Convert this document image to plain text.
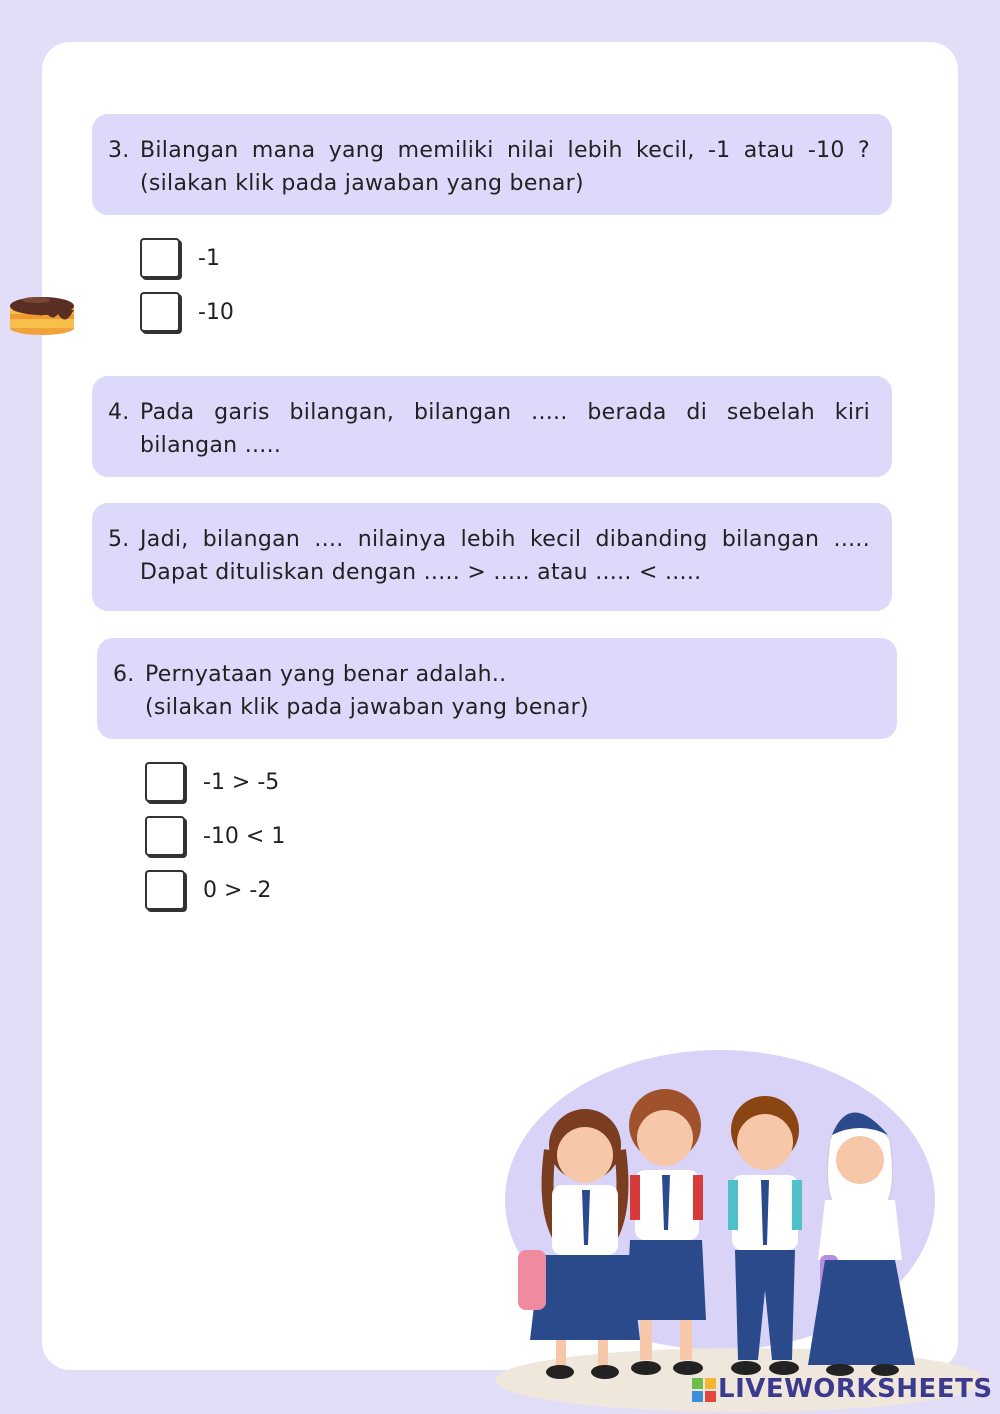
3. Bilangan mana yang memiliki nilai lebih kecil, -1 atau -10 ?
(silakan klik pada jawaban yang benar)
-1
-10
4. Pada garis bilangan, bilangan ..... berada di sebelah kiri
bilangan .....
5. Jadi, bilangan .... nilainya lebih kecil dibanding bilangan .....
Dapat dituliskan dengan ..... > ..... atau ..... < .....
6. Pernyataan yang benar adalah..
(silakan klik pada jawaban yang benar)
-1 > -5
-10 < 1
0 > -2
LIVEWORKSHEETS
